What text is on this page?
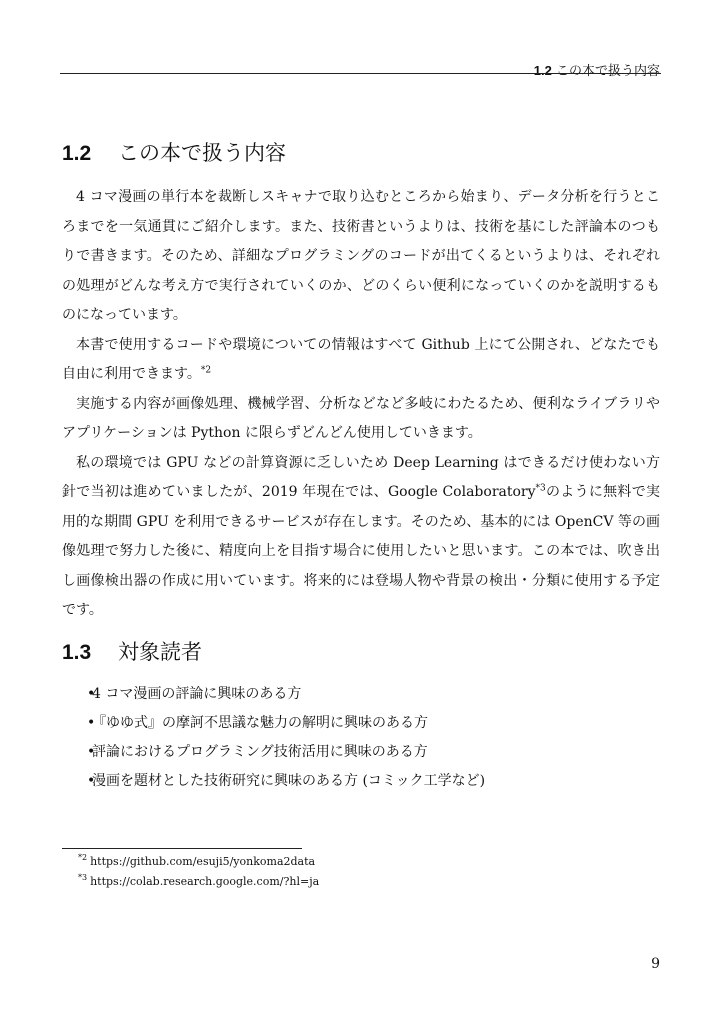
1.2 この本で扱う内容
1.2 この本で扱う内容

4 コマ漫画の単行本を裁断しスキャナで取り込むところから始まり、データ分析を行うところまでを一気通貫にご紹介します。また、技術書というよりは、技術を基にした評論本のつもりで書きます。そのため、詳細なプログラミングのコードが出てくるというよりは、それぞれの処理がどんな考え方で実行されていくのか、どのくらい便利になっていくのかを説明するものになっています。

本書で使用するコードや環境についての情報はすべて Github 上にて公開され、どなたでも自由に利用できます。$^{*2}$

実施する内容が画像処理、機械学習、分析などなど多岐にわたるため、便利なライブラリやアプリケーションは Python に限らずどんどん使用していきます。

私の環境では GPU などの計算資源に乏しいため Deep Learning はできるだけ使わない方針で当初は進めていましたが、2019 年現在では、Google Colaboratory$^{*3}$のように無料で実用的な期間 GPU を利用できるサービスが存在します。そのため、基本的には OpenCV 等の画像処理で努力した後に、精度向上を目指す場合に使用したいと思います。この本では、吹き出し画像検出器の作成に用いています。将来的には登場人物や背景の検出・分類に使用する予定です。

1.3 対象読者
•
4 コマ漫画の評論に興味のある方
•
『ゆゆ式』の摩訶不思議な魅力の解明に興味のある方
•
評論におけるプログラミング技術活用に興味のある方
•
漫画を題材とした技術研究に興味のある方 (コミック工学など)
$^{*2}$ https://github.com/esuji5/yonkoma2data
$^{*3}$ https://colab.research.google.com/?hl=ja
9
